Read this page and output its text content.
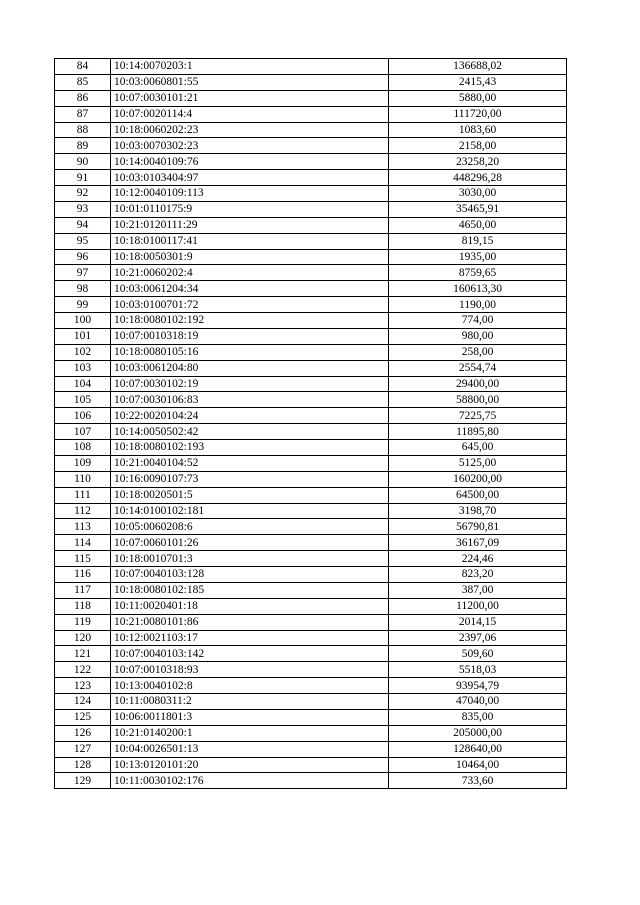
84	10:14:0070203:1	136688,02
85	10:03:0060801:55	2415,43
86	10:07:0030101:21	5880,00
87	10:07:0020114:4	111720,00
88	10:18:0060202:23	1083,60
89	10:03:0070302:23	2158,00
90	10:14:0040109:76	23258,20
91	10:03:0103404:97	448296,28
92	10:12:0040109:113	3030,00
93	10:01:0110175:9	35465,91
94	10:21:0120111:29	4650,00
95	10:18:0100117:41	819,15
96	10:18:0050301:9	1935,00
97	10:21:0060202:4	8759,65
98	10:03:0061204:34	160613,30
99	10:03:0100701:72	1190,00
100	10:18:0080102:192	774,00
101	10:07:0010318:19	980,00
102	10:18:0080105:16	258,00
103	10:03:0061204:80	2554,74
104	10:07:0030102:19	29400,00
105	10:07:0030106:83	58800,00
106	10:22:0020104:24	7225,75
107	10:14:0050502:42	11895,80
108	10:18:0080102:193	645,00
109	10:21:0040104:52	5125,00
110	10:16:0090107:73	160200,00
111	10:18:0020501:5	64500,00
112	10:14:0100102:181	3198,70
113	10:05:0060208:6	56790,81
114	10:07:0060101:26	36167,09
115	10:18:0010701:3	224,46
116	10:07:0040103:128	823,20
117	10:18:0080102:185	387,00
118	10:11:0020401:18	11200,00
119	10:21:0080101:86	2014,15
120	10:12:0021103:17	2397,06
121	10:07:0040103:142	509,60
122	10:07:0010318:93	5518,03
123	10:13:0040102:8	93954,79
124	10:11:0080311:2	47040,00
125	10:06:0011801:3	835,00
126	10:21:0140200:1	205000,00
127	10:04:0026501:13	128640,00
128	10:13:0120101:20	10464,00
129	10:11:0030102:176	733,60
